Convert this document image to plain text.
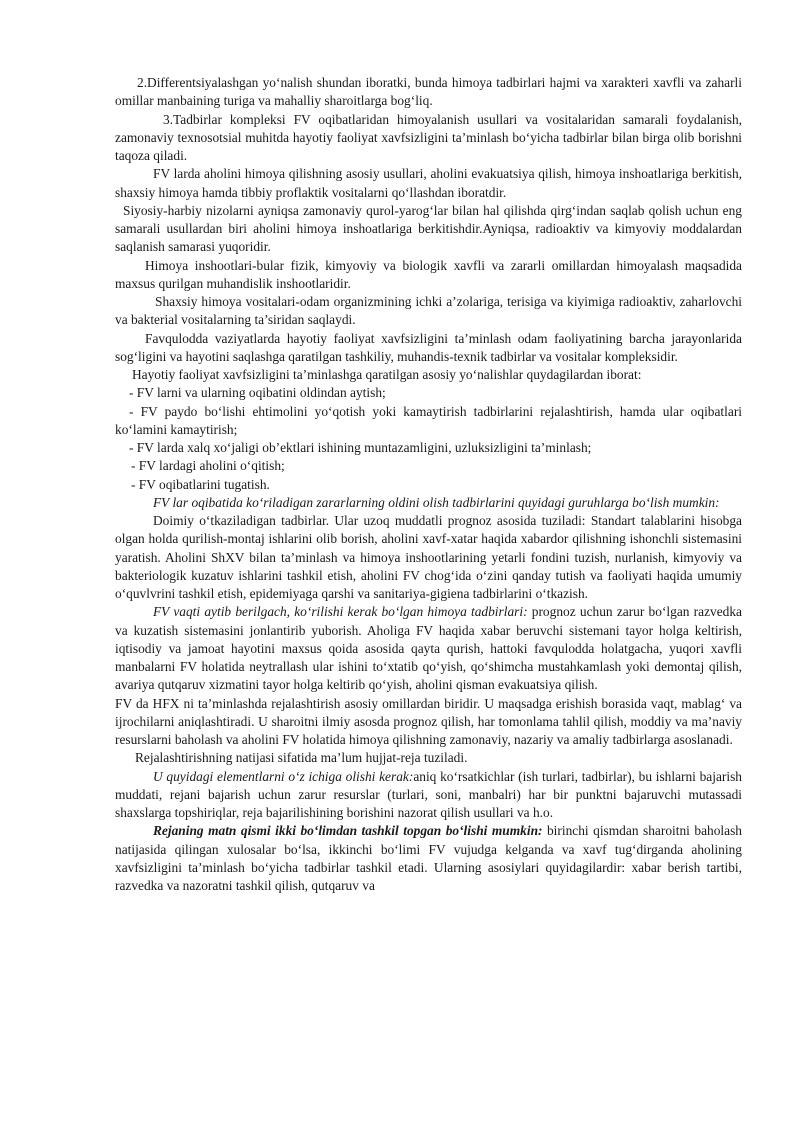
2.Differentsiyalashgan yo‘nalish shundan iboratki, bunda himoya tadbirlari hajmi va xarakteri xavfli va zaharli omillar manbaining turiga va mahalliy sharoitlarga bog‘liq.

3.Tadbirlar kompleksi FV oqibatlaridan himoyalanish usullari va vositalaridan samarali foydalanish, zamonaviy texnosotsial muhitda hayotiy faoliyat xavfsizligini ta’minlash bo‘yicha tadbirlar bilan birga olib borishni taqoza qiladi.

FV larda aholini himoya qilishning asosiy usullari, aholini evakuatsiya qilish, himoya inshoatlariga berkitish, shaxsiy himoya hamda tibbiy proflaktik vositalarni qo‘llashdan iboratdir.

Siyosiy-harbiy nizolarni ayniqsa zamonaviy qurol-yarog‘lar bilan hal qilishda qirg‘indan saqlab qolish uchun eng samarali usullardan biri aholini himoya inshoatlariga berkitishdir.Ayniqsa, radioaktiv va kimyoviy moddalardan saqlanish samarasi yuqoridir.

Himoya inshootlari-bular fizik, kimyoviy va biologik xavfli va zararli omillardan himoyalash maqsadida maxsus qurilgan muhandislik inshootlaridir.

Shaxsiy himoya vositalari-odam organizmining ichki a’zolariga, terisiga va kiyimiga radioaktiv, zaharlovchi va bakterial vositalarning ta’siridan saqlaydi.

Favqulodda vaziyatlarda hayotiy faoliyat xavfsizligini ta’minlash odam faoliyatining barcha jarayonlarida sog‘ligini va hayotini saqlashga qaratilgan tashkiliy, muhandis-texnik tadbirlar va vositalar kompleksidir.

Hayotiy faoliyat xavfsizligini ta’minlashga qaratilgan asosiy yo‘nalishlar quydagilardan iborat:

- FV larni va ularning oqibatini oldindan aytish;

- FV paydo bo‘lishi ehtimolini yo‘qotish yoki kamaytirish tadbirlarini rejalashtirish, hamda ular oqibatlari ko‘lamini kamaytirish;

- FV larda xalq xo‘jaligi ob’ektlari ishining muntazamligini, uzluksizligini ta’minlash;

- FV lardagi aholini o‘qitish;

- FV oqibatlarini tugatish.

FV lar oqibatida ko‘riladigan zararlarning oldini olish tadbirlarini quyidagi guruhlarga bo‘lish mumkin:

Doimiy o‘tkaziladigan tadbirlar. Ular uzoq muddatli prognoz asosida tuziladi: Standart talablarini hisobga olgan holda qurilish-montaj ishlarini olib borish, aholini xavf-xatar haqida xabardor qilishning ishonchli sistemasini yaratish. Aholini ShXV bilan ta’minlash va himoya inshootlarining yetarli fondini tuzish, nurlanish, kimyoviy va bakteriologik kuzatuv ishlarini tashkil etish, aholini FV chog‘ida o‘zini qanday tutish va faoliyati haqida umumiy o‘quvlvrini tashkil etish, epidemiyaga qarshi va sanitariya-gigiena tadbirlarini o‘tkazish.

FV vaqti aytib berilgach, ko‘rilishi kerak bo‘lgan himoya tadbirlari: prognoz uchun zarur bo‘lgan razvedka va kuzatish sistemasini jonlantirib yuborish. Aholiga FV haqida xabar beruvchi sistemani tayor holga keltirish, iqtisodiy va jamoat hayotini maxsus qoida asosida qayta qurish, hattoki favqulodda holatgacha, yuqori xavfli manbalarni FV holatida neytrallash ular ishini to‘xtatib qo‘yish, qo‘shimcha mustahkamlash yoki demontaj qilish, avariya qutqaruv xizmatini tayor holga keltirib qo‘yish, aholini qisman evakuatsiya qilish.

FV da HFX ni ta’minlashda rejalashtirish asosiy omillardan biridir. U maqsadga erishish borasida vaqt, mablag‘ va ijrochilarni aniqlashtiradi. U sharoitni ilmiy asosda prognoz qilish, har tomonlama tahlil qilish, moddiy va ma’naviy resurslarni baholash va aholini FV holatida himoya qilishning zamonaviy, nazariy va amaliy tadbirlarga asoslanadi.

Rejalashtirishning natijasi sifatida ma’lum hujjat-reja tuziladi.

U quyidagi elementlarni o‘z ichiga olishi kerak:aniq ko‘rsatkichlar (ish turlari, tadbirlar), bu ishlarni bajarish muddati, rejani bajarish uchun zarur resurslar (turlari, soni, manbalri) har bir punktni bajaruvchi mutassadi shaxslarga topshiriqlar, reja bajarilishining borishini nazorat qilish usullari va h.o.

Rejaning matn qismi ikki bo‘limdan tashkil topgan bo‘lishi mumkin: birinchi qismdan sharoitni baholash natijasida qilingan xulosalar bo‘lsa, ikkinchi bo‘limi FV vujudga kelganda va xavf tug‘dirganda aholining xavfsizligini ta’minlash bo‘yicha tadbirlar tashkil etadi. Ularning asosiylari quyidagilardir: xabar berish tartibi, razvedka va nazoratni tashkil qilish, qutqaruv va
